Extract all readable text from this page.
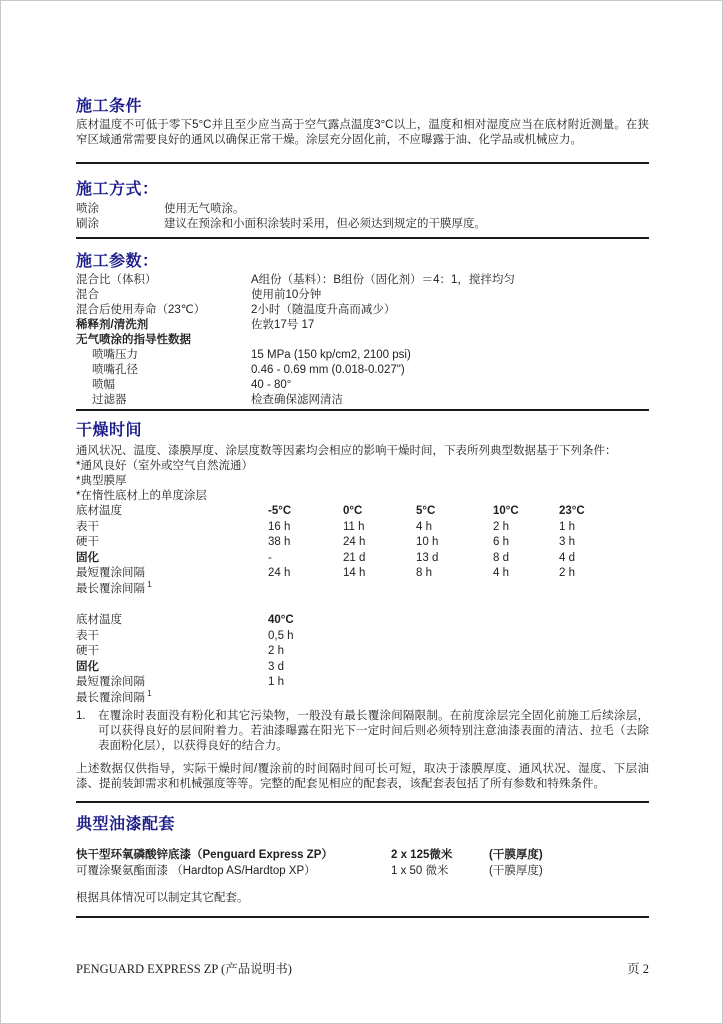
施工条件

底材温度不可低于零下5°C并且至少应当高于空气露点温度3°C以上，温度和相对湿度应当在底材附近测量。在狭窄区域通常需要良好的通风以确保正常干燥。涂层充分固化前，不应曝露于油、化学品或机械应力。

施工方式：
喷涂	使用无气喷涂。
刷涂	建议在预涂和小面积涂装时采用，但必须达到规定的干膜厚度。
施工参数：
混合比（体积）	A组份（基料）：B组份（固化剂）＝4：1，搅拌均匀
混合	使用前10分钟
混合后使用寿命（23℃）	2小时（随温度升高而减少）
稀释剂/清洗剂	佐敦17号 17
无气喷涂的指导性数据
喷嘴压力	15 MPa (150 kp/cm2, 2100 psi)
喷嘴孔径	0.46 - 0.69 mm (0.018-0.027")
喷幅	40 - 80°
过滤器	检查确保滤网清洁
干燥时间

通风状况、温度、漆膜厚度、涂层度数等因素均会相应的影响干燥时间，下表所列典型数据基于下列条件：

*通风良好（室外或空气自然流通）
*典型膜厚
*在惰性底材上的单度涂层
底材温度	-5°C	0°C	5°C	10°C	23°C
表干	16 h	11 h	4 h	2 h	1 h
硬干	38 h	24 h	10 h	6 h	3 h
固化	-	21 d	13 d	8 d	4 d
最短覆涂间隔	24 h	14 h	8 h	4 h	2 h
最长覆涂间隔 $^1$
底材温度	40°C
表干	0,5 h
硬干	2 h
固化	3 d
最短覆涂间隔	1 h
最长覆涂间隔 $^1$
1.	在覆涂时表面没有粉化和其它污染物，一般没有最长覆涂间隔限制。在前度涂层完全固化前施工后续涂层，可以获得良好的层间附着力。若油漆曝露在阳光下一定时间后则必须特别注意油漆表面的清洁、拉毛（去除表面粉化层），以获得良好的结合力。

上述数据仅供指导，实际干燥时间/覆涂前的时间隔时间可长可短，取决于漆膜厚度、通风状况、湿度、下层油漆、提前装卸需求和机械强度等等。完整的配套见相应的配套表，该配套表包括了所有参数和特殊条件。

典型油漆配套
快干型环氧磷酸锌底漆（Penguard Express ZP）	2 x 125微米	(干膜厚度)
可覆涂聚氨酯面漆 （Hardtop AS/Hardtop XP）	1 x 50 微米	(干膜厚度)

根据具体情况可以制定其它配套。

PENGUARD EXPRESS ZP (产品说明书)	页 2
